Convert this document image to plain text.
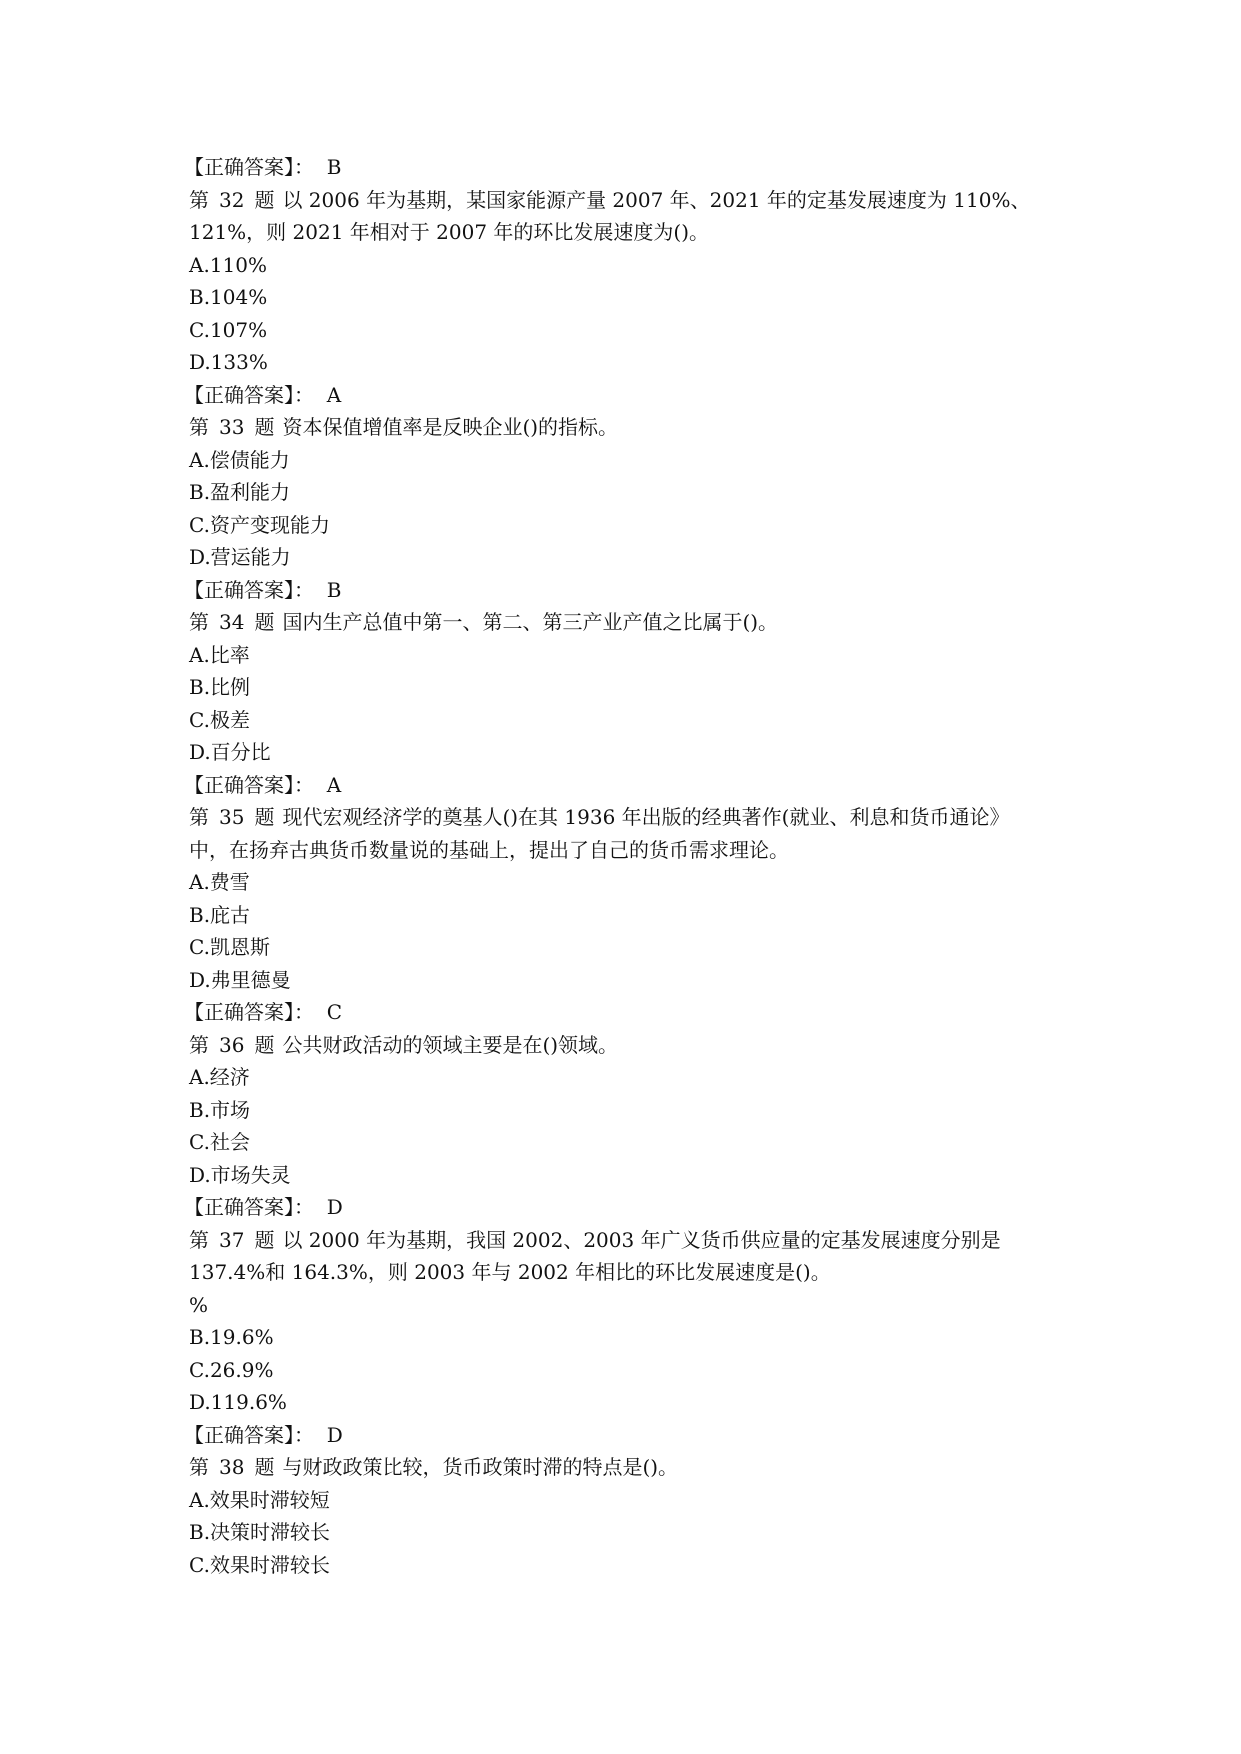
【正确答案】： B
第 32 题 以 2006 年为基期，某国家能源产量 2007 年、2021 年的定基发展速度为 110%、
121%，则 2021 年相对于 2007 年的环比发展速度为()。
A.110%
B.104%
C.107%
D.133%
【正确答案】： A
第 33 题 资本保值增值率是反映企业()的指标。
A.偿债能力
B.盈利能力
C.资产变现能力
D.营运能力
【正确答案】： B
第 34 题 国内生产总值中第一、第二、第三产业产值之比属于()。
A.比率
B.比例
C.极差
D.百分比
【正确答案】： A
第 35 题 现代宏观经济学的奠基人()在其 1936 年出版的经典著作(就业、利息和货币通论》
中，在扬弃古典货币数量说的基础上，提出了自己的货币需求理论。
A.费雪
B.庇古
C.凯恩斯
D.弗里德曼
【正确答案】： C
第 36 题 公共财政活动的领域主要是在()领域。
A.经济
B.市场
C.社会
D.市场失灵
【正确答案】： D
第 37 题 以 2000 年为基期，我国 2002、2003 年广义货币供应量的定基发展速度分别是
137.4%和 164.3%，则 2003 年与 2002 年相比的环比发展速度是()。
%
B.19.6%
C.26.9%
D.119.6%
【正确答案】： D
第 38 题 与财政政策比较，货币政策时滞的特点是()。
A.效果时滞较短
B.决策时滞较长
C.效果时滞较长
